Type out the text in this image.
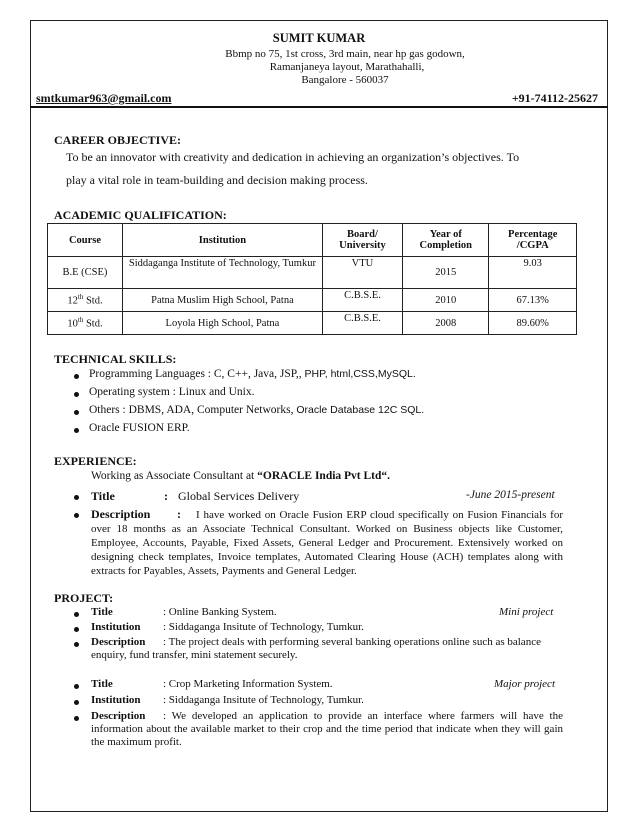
SUMIT KUMAR
Bbmp no 75, 1st cross, 3rd main, near hp gas godown,
Ramanjaneya layout, Marathahalli,
Bangalore - 560037
smtkumar963@gmail.com	+91-74112-25627
CAREER OBJECTIVE:
To be an innovator with creativity and dedication in achieving an organization’s objectives. To
play a vital role in team-building and decision making process.
ACADEMIC QUALIFICATION:
Course	Institution	Board/ University	Year of Completion	Percentage /CGPA
B.E (CSE)	Siddaganga Institute of Technology, Tumkur	VTU	2015	9.03
12th Std.	Patna Muslim High School, Patna	C.B.S.E.	2010	67.13%
10th Std.	Loyola High School, Patna	C.B.S.E.	2008	89.60%
TECHNICAL SKILLS:
Programming Languages : C, C++, Java, JSP,, PHP, html,CSS,MySQL.
Operating system : Linux and Unix.
Others : DBMS, ADA, Computer Networks, Oracle Database 12C SQL.
Oracle FUSION ERP.
EXPERIENCE:
Working as Associate Consultant at “ORACLE India Pvt Ltd“.
Title	: Global Services Delivery	-June 2015-present
Description :	I have worked on Oracle Fusion ERP cloud specifically on Fusion Financials for over 18 months as an Associate Technical Consultant. Worked on Business objects like Customer, Employee, Accounts, Payable, Fixed Assets, General Ledger and Procurement. Extensively worked on designing check templates, Invoice templates, Automated Clearing House (ACH) templates along with extracts for Payables, Assets, Payments and General Ledger.
PROJECT:
Title	: Online Banking System.	Mini project
Institution : Siddaganga Insitute of Technology, Tumkur.
Description	: The project deals with performing several banking operations online such as balance enquiry, fund transfer, mini statement securely.
Title	: Crop Marketing Information System.	Major project
Institution : Siddaganga Insitute of Technology, Tumkur.
Description	: We developed an application to provide an interface where farmers will have the information about the available market to their crop and the time period that indicate when they will gain the maximum profit.
